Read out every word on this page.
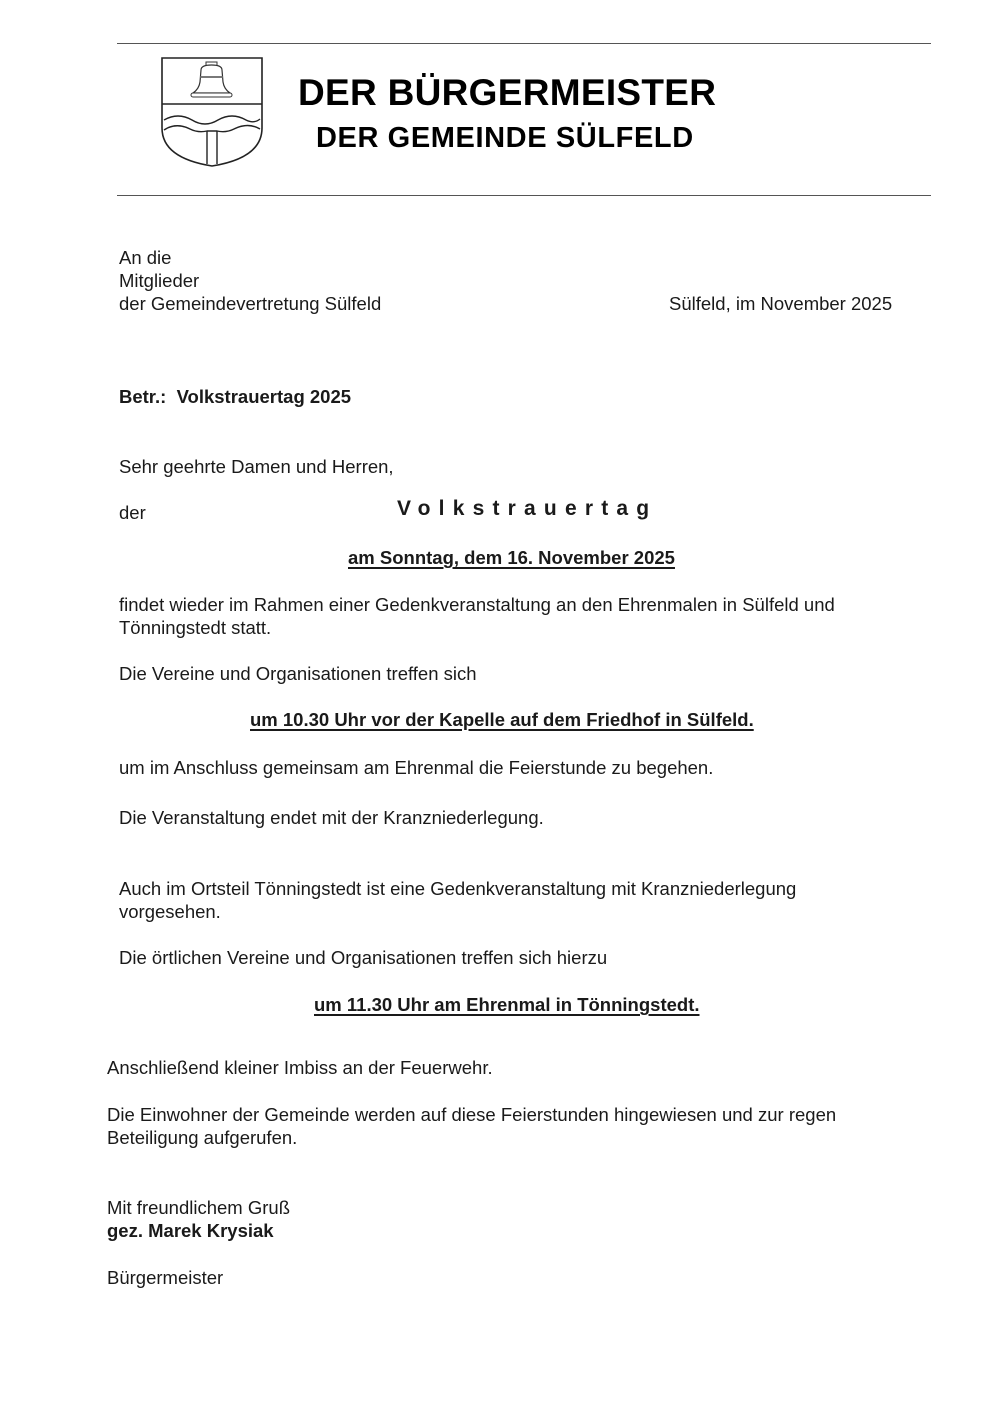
DER BÜRGERMEISTER
DER GEMEINDE SÜLFELD
An die
Mitglieder
der Gemeindevertretung Sülfeld	Sülfeld, im November 2025
Betr.:  Volkstrauertag 2025
Sehr geehrte Damen und Herren,
der	Volkstrauertag
am Sonntag, dem 16. November 2025
findet wieder im Rahmen einer Gedenkveranstaltung an den Ehrenmalen in Sülfeld und
Tönningstedt statt.
Die Vereine und Organisationen treffen sich
um 10.30 Uhr vor der Kapelle auf dem Friedhof in Sülfeld.
um im Anschluss gemeinsam am Ehrenmal die Feierstunde zu begehen.
Die Veranstaltung endet mit der Kranzniederlegung.
Auch im Ortsteil Tönningstedt ist eine Gedenkveranstaltung mit Kranzniederlegung
vorgesehen.
Die örtlichen Vereine und Organisationen treffen sich hierzu
um 11.30 Uhr am Ehrenmal in Tönningstedt.
Anschließend kleiner Imbiss an der Feuerwehr.
Die Einwohner der Gemeinde werden auf diese Feierstunden hingewiesen und zur regen
Beteiligung aufgerufen.
Mit freundlichem Gruß
gez. Marek Krysiak
Bürgermeister
